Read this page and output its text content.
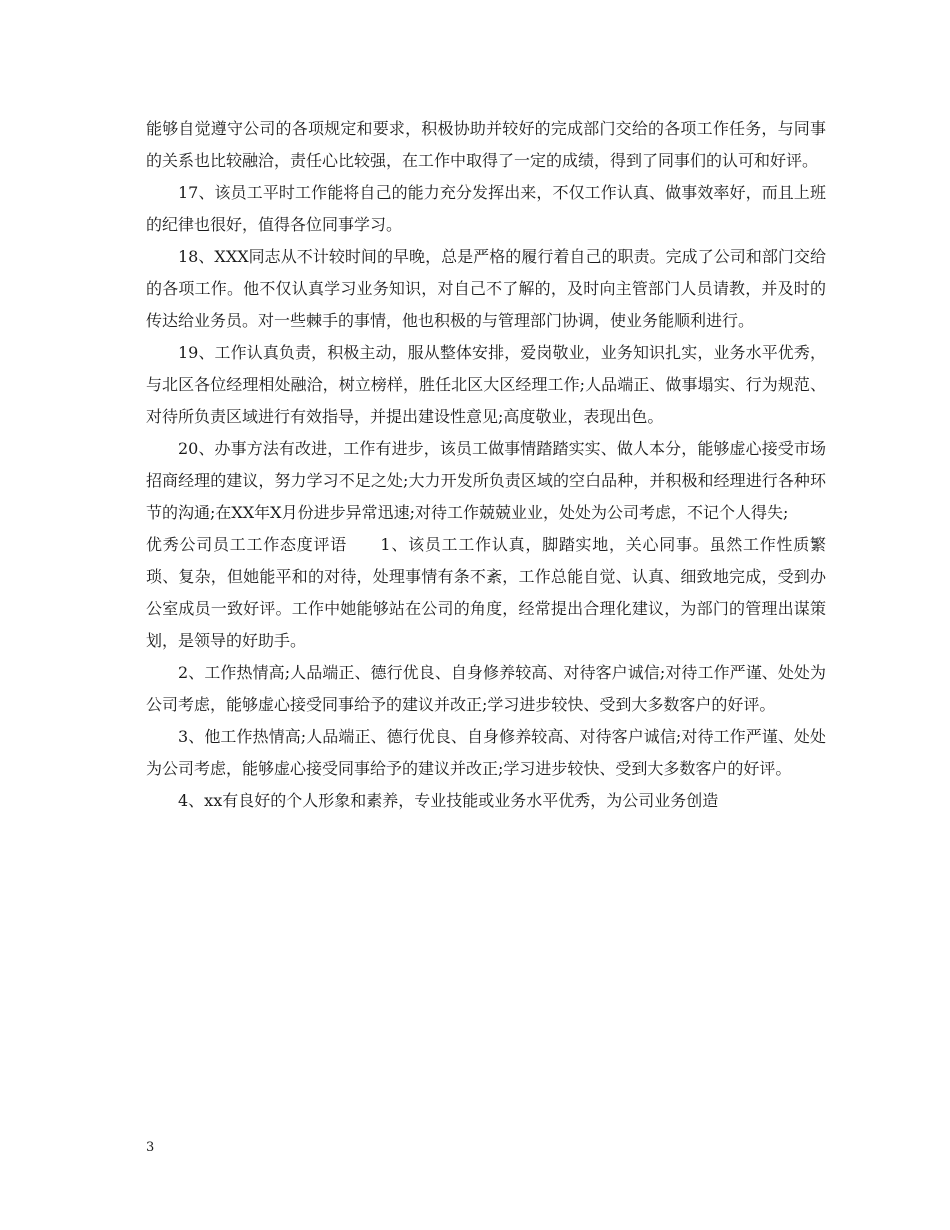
能够自觉遵守公司的各项规定和要求，积极协助并较好的完成部门交给的各项工作任务，与同事的关系也比较融洽，责任心比较强，在工作中取得了一定的成绩，得到了同事们的认可和好评。

17、该员工平时工作能将自己的能力充分发挥出来，不仅工作认真、做事效率好，而且上班的纪律也很好，值得各位同事学习。

18、XXX同志从不计较时间的早晚，总是严格的履行着自己的职责。完成了公司和部门交给的各项工作。他不仅认真学习业务知识，对自己不了解的，及时向主管部门人员请教，并及时的传达给业务员。对一些棘手的事情，他也积极的与管理部门协调，使业务能顺利进行。

19、工作认真负责，积极主动，服从整体安排，爱岗敬业，业务知识扎实，业务水平优秀，与北区各位经理相处融洽，树立榜样，胜任北区大区经理工作;人品端正、做事塌实、行为规范、对待所负责区域进行有效指导，并提出建设性意见;高度敬业，表现出色。

20、办事方法有改进，工作有进步，该员工做事情踏踏实实、做人本分，能够虚心接受市场招商经理的建议，努力学习不足之处;大力开发所负责区域的空白品种，并积极和经理进行各种环节的沟通;在XX年X月份进步异常迅速;对待工作兢兢业业，处处为公司考虑，不记个人得失;

优秀公司员工工作态度评语　　1、该员工工作认真，脚踏实地，关心同事。虽然工作性质繁琐、复杂，但她能平和的对待，处理事情有条不紊，工作总能自觉、认真、细致地完成，受到办公室成员一致好评。工作中她能够站在公司的角度，经常提出合理化建议，为部门的管理出谋策划，是领导的好助手。

2、工作热情高;人品端正、德行优良、自身修养较高、对待客户诚信;对待工作严谨、处处为公司考虑，能够虚心接受同事给予的建议并改正;学习进步较快、受到大多数客户的好评。

3、他工作热情高;人品端正、德行优良、自身修养较高、对待客户诚信;对待工作严谨、处处为公司考虑，能够虚心接受同事给予的建议并改正;学习进步较快、受到大多数客户的好评。

4、xx有良好的个人形象和素养，专业技能或业务水平优秀，为公司业务创造

3
